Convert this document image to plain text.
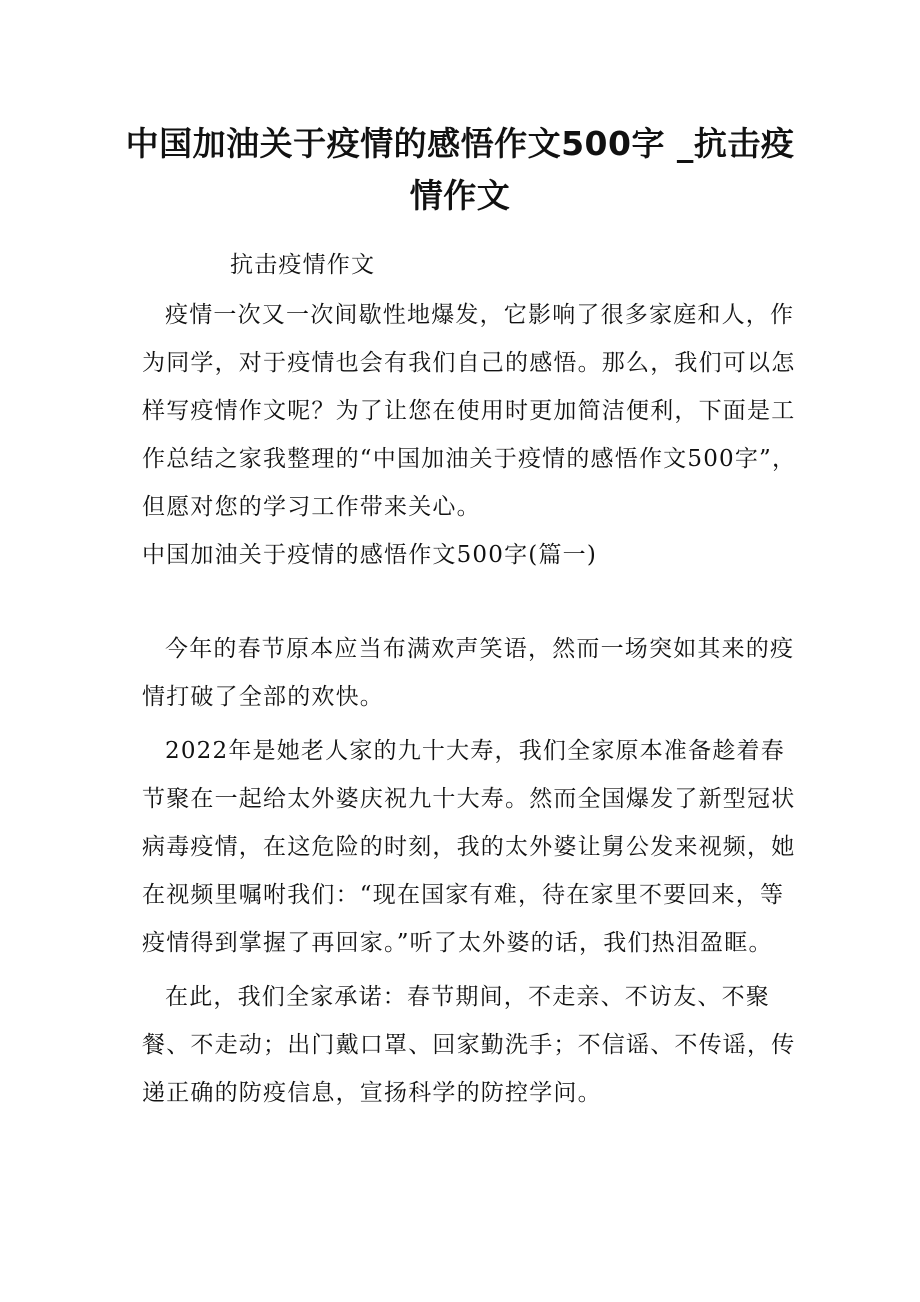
中国加油关于疫情的感悟作文500字 _抗击疫情作文

抗击疫情作文

疫情一次又一次间歇性地爆发，它影响了很多家庭和人，作为同学，对于疫情也会有我们自己的感悟。那么，我们可以怎样写疫情作文呢？为了让您在使用时更加简洁便利，下面是工作总结之家我整理的“中国加油关于疫情的感悟作文500字”，但愿对您的学习工作带来关心。

中国加油关于疫情的感悟作文500字(篇一)

今年的春节原本应当布满欢声笑语，然而一场突如其来的疫情打破了全部的欢快。

2022年是她老人家的九十大寿，我们全家原本准备趁着春节聚在一起给太外婆庆祝九十大寿。然而全国爆发了新型冠状病毒疫情，在这危险的时刻，我的太外婆让舅公发来视频，她在视频里嘱咐我们：“现在国家有难，待在家里不要回来，等疫情得到掌握了再回家。”听了太外婆的话，我们热泪盈眶。

在此，我们全家承诺：春节期间，不走亲、不访友、不聚餐、不走动；出门戴口罩、回家勤洗手；不信谣、不传谣，传递正确的防疫信息，宣扬科学的防控学问。
